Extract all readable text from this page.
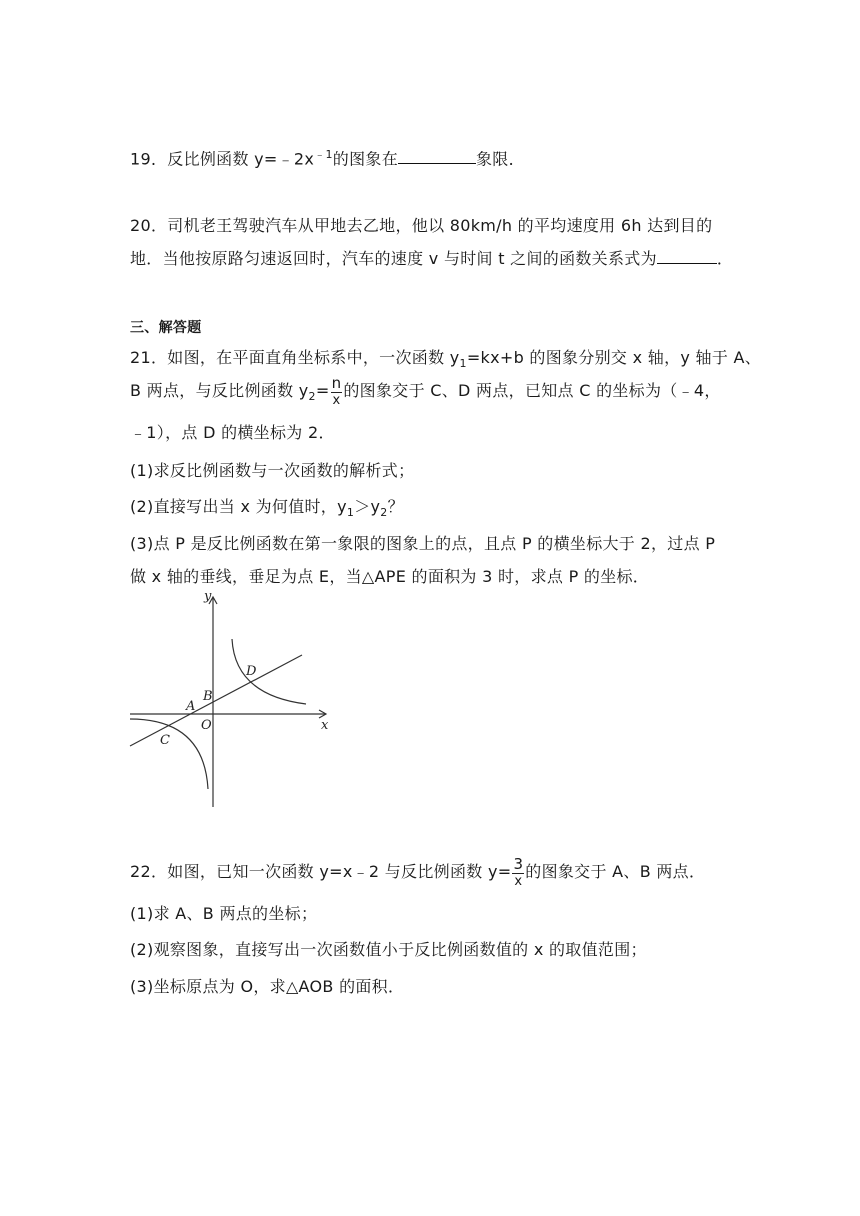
19．反比例函数 $y=﹣2x^{﹣1}$的图象在	象限．
20．司机老王驾驶汽车从甲地去乙地，他以 80km/h 的平均速度用 6h 达到目的
地．当他按原路匀速返回时，汽车的速度 v 与时间 t 之间的函数关系式为	．
三、解答题
21．如图，在平面直角坐标系中，一次函数 $y_1=kx+b$ 的图象分别交 x 轴，y 轴于 A、
B 两点，与反比例函数 $y_2= \frac{n}{x}$ 的图象交于 C、D 两点，已知点 C 的坐标为（﹣4，
﹣1），点 D 的横坐标为 2．
(1)求反比例函数与一次函数的解析式；
(2)直接写出当 x 为何值时，$y_1>y_2$？
(3)点 P 是反比例函数在第一象限的图象上的点，且点 P 的横坐标大于 2，过点 P
做 x 轴的垂线，垂足为点 E，当△APE 的面积为 3 时，求点 P 的坐标．
y
x
O
A
B
C
D
22．如图，已知一次函数 y=x﹣2 与反比例函数 $y= \frac{3}{x}$ 的图象交于 A、B 两点．
(1)求 A、B 两点的坐标；
(2)观察图象，直接写出一次函数值小于反比例函数值的 x 的取值范围；
(3)坐标原点为 O，求△AOB 的面积．
